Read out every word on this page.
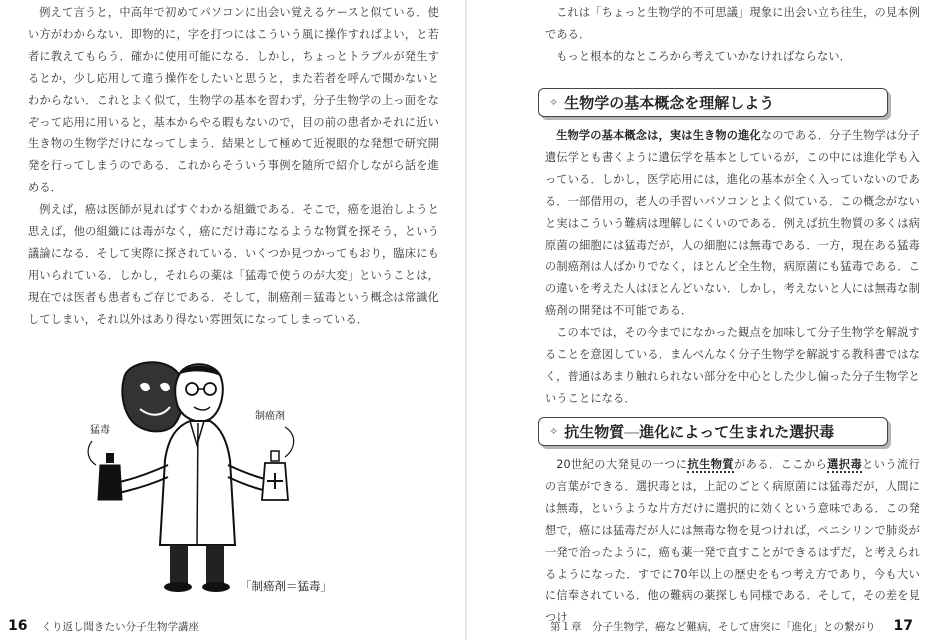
例えて言うと，中高年で初めてパソコンに出会い覚えるケースと似ている．使い方がわからない．即物的に，字を打つにはこういう風に操作すればよい，と若者に教えてもらう．確かに使用可能になる．しかし，ちょっとトラブルが発生するとか，少し応用して違う操作をしたいと思うと，また若者を呼んで聞かないとわからない．これとよく似て，生物学の基本を習わず，分子生物学の上っ面をなぞって応用に用いると，基本からやる暇もないので，目の前の患者かそれに近い生き物の生物学だけになってしまう．結果として極めて近視眼的な発想で研究開発を行ってしまうのである．これからそういう事例を随所で紹介しながら話を進める．

例えば，癌は医師が見ればすぐわかる組織である．そこで，癌を退治しようと思えば，他の組織には毒がなく，癌にだけ毒になるような物質を探そう，という議論になる．そして実際に探されている．いくつか見つかってもおり，臨床にも用いられている．しかし，それらの薬は「猛毒で使うのが大変」ということは，現在では医者も患者もご存じである．そして，制癌剤＝猛毒という概念は常識化してしまい，それ以外はあり得ない雰囲気になってしまっている．

猛毒
制癌剤
「制癌剤＝猛毒」
16 くり返し聞きたい分子生物学講座

これは「ちょっと生物学的不可思議」現象に出会い立ち往生，の見本例である．

もっと根本的なところから考えていかなければならない．

✧ 生物学の基本概念を理解しよう

生物学の基本概念は，実は生き物の進化なのである．分子生物学は分子遺伝学とも書くように遺伝学を基本としているが，この中には進化学も入っている．しかし，医学応用には，進化の基本が全く入っていないのである．一部借用の，老人の手習いパソコンとよく似ている．この概念がないと実はこういう難病は理解しにくいのである．例えば抗生物質の多くは病原菌の細胞には猛毒だが，人の細胞には無毒である．一方，現在ある猛毒の制癌剤は人ばかりでなく，ほとんど全生物，病原菌にも猛毒である．この違いを考えた人はほとんどいない．しかし，考えないと人には無毒な制癌剤の開発は不可能である．

この本では，その今までになかった観点を加味して分子生物学を解説することを意図している．まんべんなく分子生物学を解説する教科書ではなく，普通はあまり触れられない部分を中心とした少し偏った分子生物学ということになる．

✧ 抗生物質 ― 進化によって生まれた選択毒

20世紀の大発見の一つに抗生物質がある．ここから選択毒という流行の言葉ができる．選択毒とは，上記のごとく病原菌には猛毒だが，人間には無毒，というような片方だけに選択的に効くという意味である．この発想で，癌には猛毒だが人には無毒な物を見つければ，ペニシリンで肺炎が一発で治ったように，癌も薬一発で直すことができるはずだ，と考えられるようになった．すでに70年以上の歴史をもつ考え方であり，今も大いに信奉されている．他の難病の薬探しも同様である．そして，その差を見つけ

第１章　分子生物学，癌など難病，そして唐突に「進化」との繋がり 17
